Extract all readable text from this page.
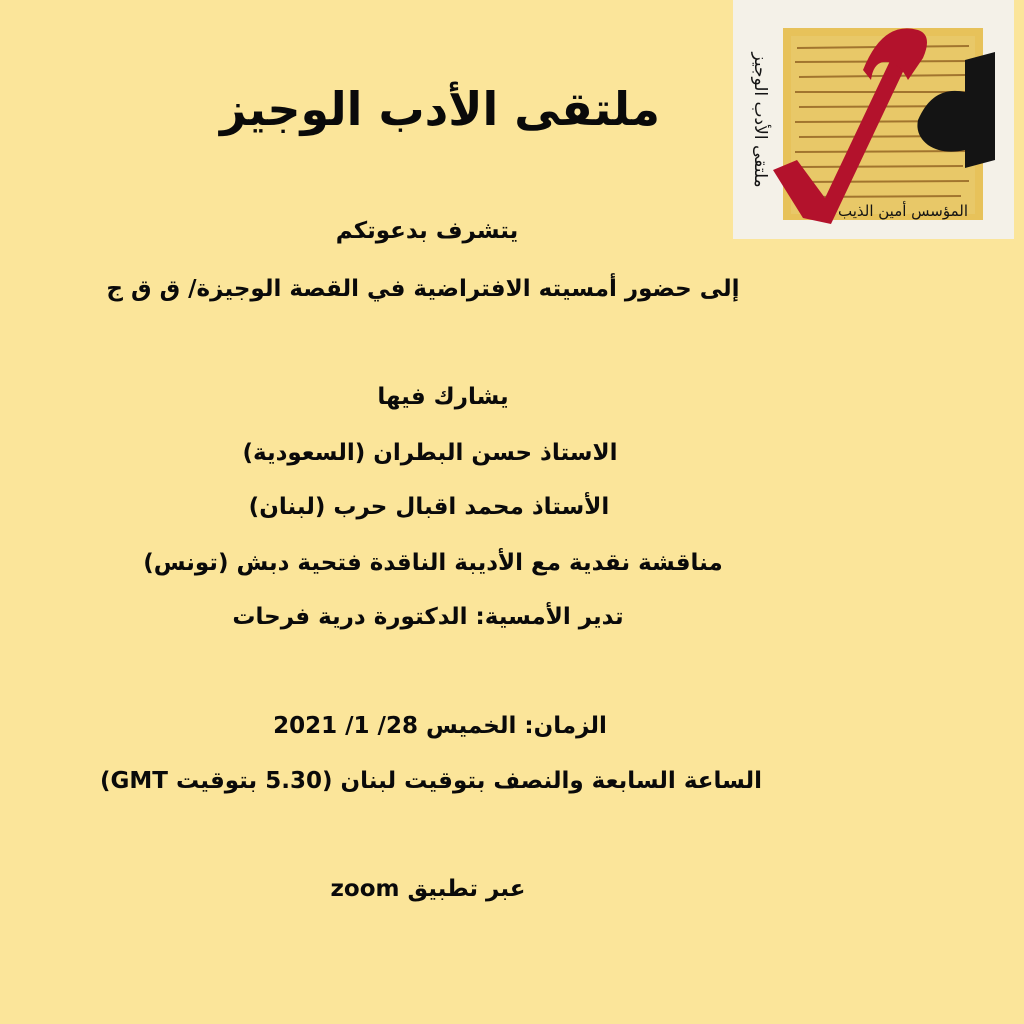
ملتقى الأدب الوجيز
المؤسس أمين الذيب
ملتقى الأدب الوجيز
يتشرف بدعوتكم
إلى حضور أمسيته الافتراضية في القصة الوجيزة/ ق ق ج
يشارك فيها
الاستاذ حسن البطران (السعودية)
الأستاذ محمد اقبال حرب (لبنان)
مناقشة نقدية مع الأديبة الناقدة فتحية دبش (تونس)
تدير الأمسية: الدكتورة درية فرحات
الزمان: الخميس 28/ 1/ 2021
الساعة السابعة والنصف بتوقيت لبنان (5.30 بتوقيت GMT)
عبر تطبيق zoom
